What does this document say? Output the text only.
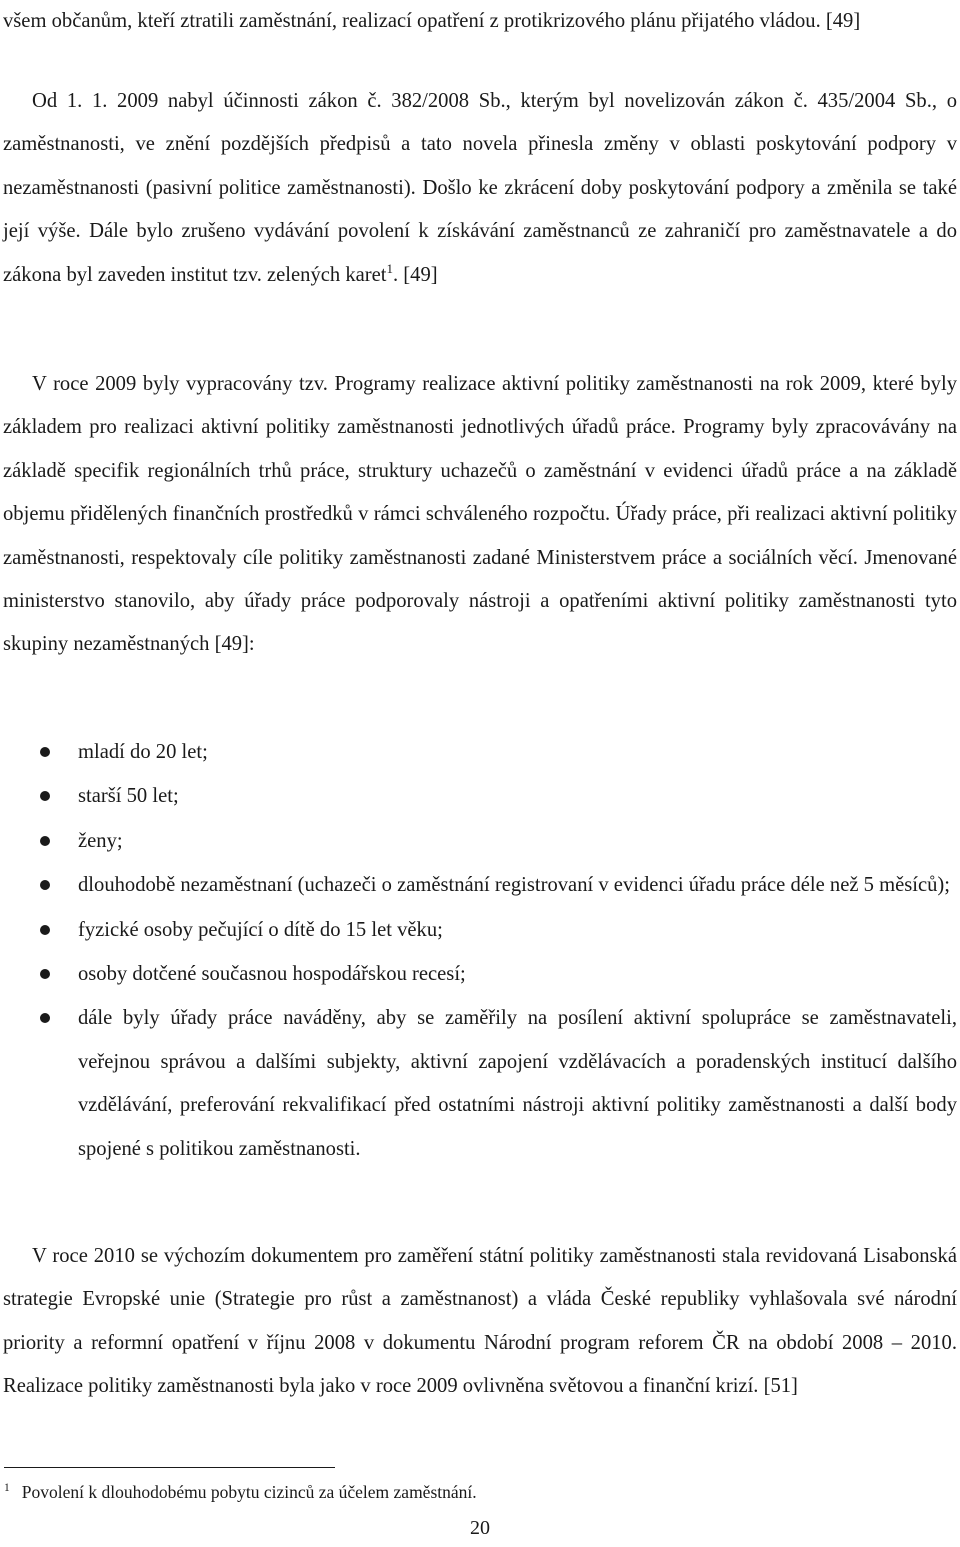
všem občanům, kteří ztratili zaměstnání, realizací opatření z protikrizového plánu přijatého vládou. [49]

Od 1. 1. 2009 nabyl účinnosti zákon č. 382/2008 Sb., kterým byl novelizován zákon č. 435/2004 Sb., o zaměstnanosti, ve znění pozdějších předpisů a tato novela přinesla změny v oblasti poskytování podpory v nezaměstnanosti (pasivní politice zaměstnanosti). Došlo ke zkrácení doby poskytování podpory a změnila se také její výše. Dále bylo zrušeno vydávání povolení k získávání zaměstnanců ze zahraničí pro zaměstnavatele a do zákona byl zaveden institut tzv. zelených karet$^1$. [49]

V roce 2009 byly vypracovány tzv. Programy realizace aktivní politiky zaměstnanosti na rok 2009, které byly základem pro realizaci aktivní politiky zaměstnanosti jednotlivých úřadů práce. Programy byly zpracovávány na základě specifik regionálních trhů práce, struktury uchazečů o zaměstnání v evidenci úřadů práce a na základě objemu přidělených finančních prostředků v rámci schváleného rozpočtu. Úřady práce, při realizaci aktivní politiky zaměstnanosti, respektovaly cíle politiky zaměstnanosti zadané Ministerstvem práce a sociálních věcí. Jmenované ministerstvo stanovilo, aby úřady práce podporovaly nástroji a opatřeními aktivní politiky zaměstnanosti tyto skupiny nezaměstnaných [49]:

mladí do 20 let;
starší 50 let;
ženy;
dlouhodobě nezaměstnaní (uchazeči o zaměstnání registrovaní v evidenci úřadu práce déle než 5 měsíců);
fyzické osoby pečující o dítě do 15 let věku;
osoby dotčené současnou hospodářskou recesí;
dále byly úřady práce naváděny, aby se zaměřily na posílení aktivní spolupráce se zaměstnavateli, veřejnou správou a dalšími subjekty, aktivní zapojení vzdělávacích a poradenských institucí dalšího vzdělávání, preferování rekvalifikací před ostatními nástroji aktivní politiky zaměstnanosti a další body spojené s politikou zaměstnanosti.

V roce 2010 se výchozím dokumentem pro zaměření státní politiky zaměstnanosti stala revidovaná Lisabonská strategie Evropské unie (Strategie pro růst a zaměstnanost) a vláda České republiky vyhlašovala své národní priority a reformní opatření v říjnu 2008 v dokumentu Národní program reforem ČR na období 2008 – 2010. Realizace politiky zaměstnanosti byla jako v roce 2009 ovlivněna světovou a finanční krizí. [51]

$^1$ Povolení k dlouhodobému pobytu cizinců za účelem zaměstnání.

20
